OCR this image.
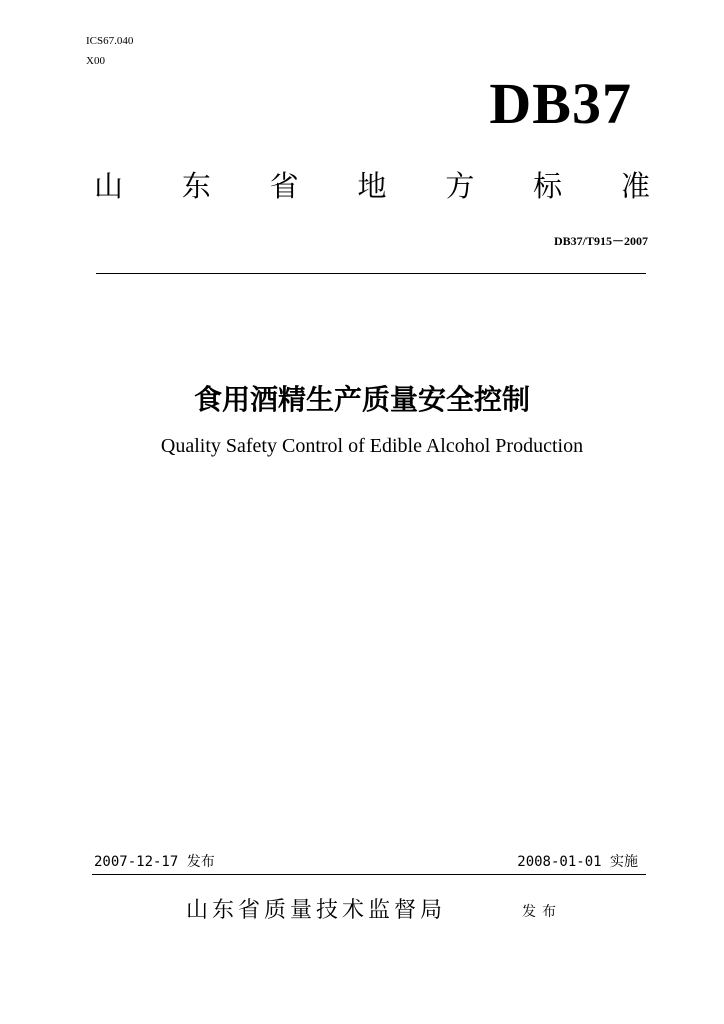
ICS67.040
X00
DB37
山 东 省 地 方 标 准
DB37/T915－2007
食用酒精生产质量安全控制
Quality Safety Control of Edible Alcohol Production
2007-12-17 发布	2008-01-01 实施
山东省质量技术监督局	发布
